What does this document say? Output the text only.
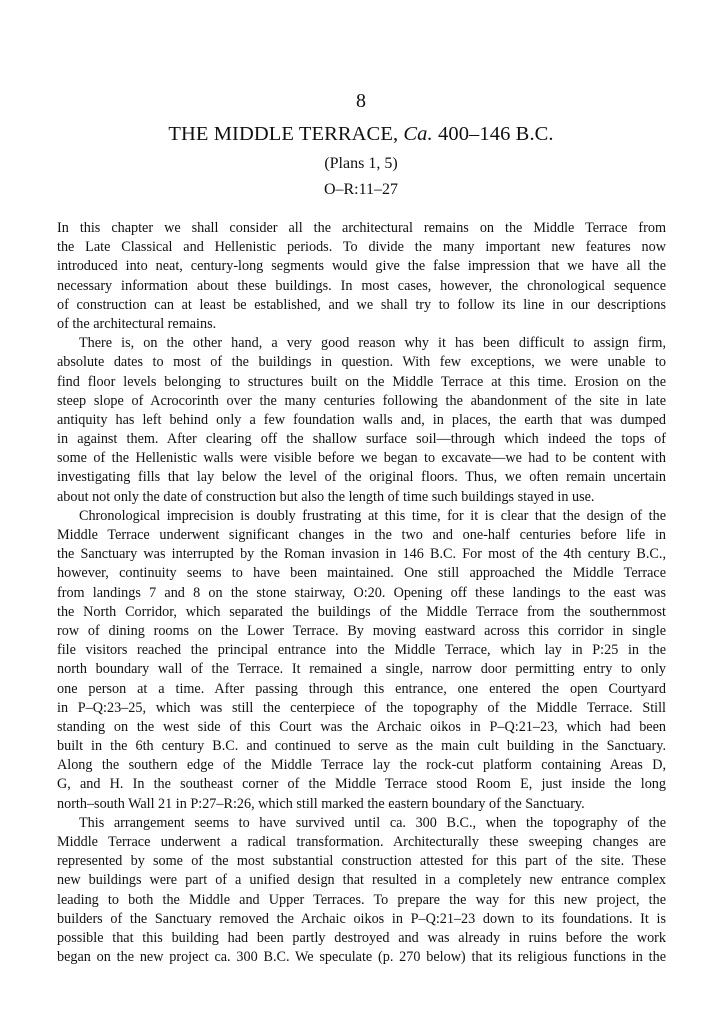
8
THE MIDDLE TERRACE, Ca. 400–146 B.C.
(Plans 1, 5)
O–R:11–27
In this chapter we shall consider all the architectural remains on the Middle Terrace from
the Late Classical and Hellenistic periods. To divide the many important new features now
introduced into neat, century-long segments would give the false impression that we have all the
necessary information about these buildings. In most cases, however, the chronological sequence
of construction can at least be established, and we shall try to follow its line in our descriptions
of the architectural remains.
There is, on the other hand, a very good reason why it has been difficult to assign firm,
absolute dates to most of the buildings in question. With few exceptions, we were unable to
find floor levels belonging to structures built on the Middle Terrace at this time. Erosion on the
steep slope of Acrocorinth over the many centuries following the abandonment of the site in late
antiquity has left behind only a few foundation walls and, in places, the earth that was dumped
in against them. After clearing off the shallow surface soil—through which indeed the tops of
some of the Hellenistic walls were visible before we began to excavate—we had to be content with
investigating fills that lay below the level of the original floors. Thus, we often remain uncertain
about not only the date of construction but also the length of time such buildings stayed in use.
Chronological imprecision is doubly frustrating at this time, for it is clear that the design of the
Middle Terrace underwent significant changes in the two and one-half centuries before life in
the Sanctuary was interrupted by the Roman invasion in 146 B.C. For most of the 4th century B.C.,
however, continuity seems to have been maintained. One still approached the Middle Terrace
from landings 7 and 8 on the stone stairway, O:20. Opening off these landings to the east was
the North Corridor, which separated the buildings of the Middle Terrace from the southernmost
row of dining rooms on the Lower Terrace. By moving eastward across this corridor in single
file visitors reached the principal entrance into the Middle Terrace, which lay in P:25 in the
north boundary wall of the Terrace. It remained a single, narrow door permitting entry to only
one person at a time. After passing through this entrance, one entered the open Courtyard
in P–Q:23–25, which was still the centerpiece of the topography of the Middle Terrace. Still
standing on the west side of this Court was the Archaic oikos in P–Q:21–23, which had been
built in the 6th century B.C. and continued to serve as the main cult building in the Sanctuary.
Along the southern edge of the Middle Terrace lay the rock-cut platform containing Areas D,
G, and H. In the southeast corner of the Middle Terrace stood Room E, just inside the long
north–south Wall 21 in P:27–R:26, which still marked the eastern boundary of the Sanctuary.
This arrangement seems to have survived until ca. 300 B.C., when the topography of the
Middle Terrace underwent a radical transformation. Architecturally these sweeping changes are
represented by some of the most substantial construction attested for this part of the site. These
new buildings were part of a unified design that resulted in a completely new entrance complex
leading to both the Middle and Upper Terraces. To prepare the way for this new project, the
builders of the Sanctuary removed the Archaic oikos in P–Q:21–23 down to its foundations. It is
possible that this building had been partly destroyed and was already in ruins before the work
began on the new project ca. 300 B.C. We speculate (p. 270 below) that its religious functions in the
